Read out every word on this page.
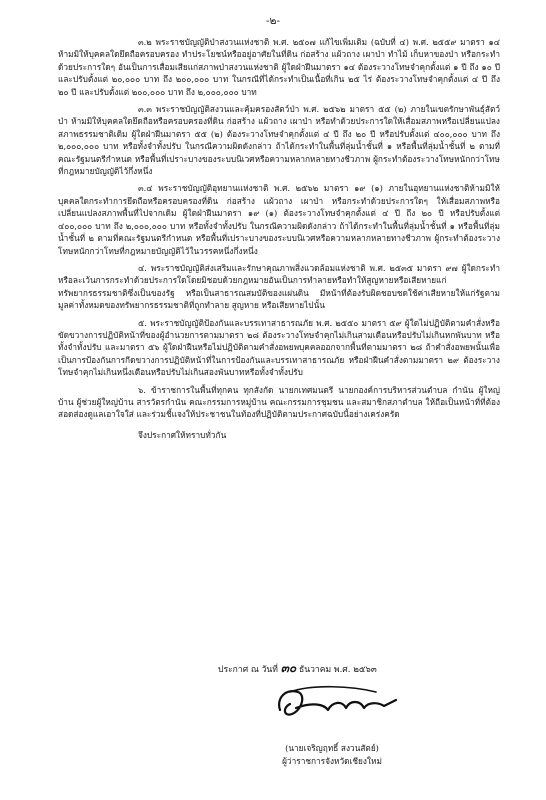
-๒-

๓.๒ พระราชบัญญัติป่าสงวนแห่งชาติ พ.ศ. ๒๕๐๗ แก้ไขเพิ่มเติม (ฉบับที่ ๔) พ.ศ. ๒๕๕๙ มาตรา ๑๔ ห้ามมิให้บุคคลใดยึดถือครอบครอง ทำประโยชน์หรืออยู่อาศัยในที่ดิน ก่อสร้าง แผ้วถาง เผาป่า ทำไม้ เก็บหาของป่า หรือกระทำด้วยประการใดๆ อันเป็นการเสื่อมเสียแก่สภาพป่าสงวนแห่งชาติ ผู้ใดฝ่าฝืนมาตรา ๑๔ ต้องระวางโทษจำคุกตั้งแต่ ๑ ปี ถึง ๑๐ ปี และปรับตั้งแต่ ๒๐,๐๐๐ บาท ถึง ๒๐๐,๐๐๐ บาท ในกรณีที่ได้กระทำเป็นเนื้อที่เกิน ๒๕ ไร่ ต้องระวางโทษจำคุกตั้งแต่ ๔ ปี ถึง ๒๐ ปี และปรับตั้งแต่ ๒๐๐,๐๐๐ บาท ถึง ๒,๐๐๐,๐๐๐ บาท

๓.๓ พระราชบัญญัติสงวนและคุ้มครองสัตว์ป่า พ.ศ. ๒๕๖๒ มาตรา ๕๕ (๒) ภายในเขตรักษาพันธุ์สัตว์ป่า ห้ามมิให้บุคคลใดยึดถือหรือครอบครองที่ดิน ก่อสร้าง แผ้วถาง เผาป่า หรือทำด้วยประการใดให้เสื่อมสภาพหรือเปลี่ยนแปลงสภาพธรรมชาติเดิม ผู้ใดฝ่าฝืนมาตรา ๕๕ (๒) ต้องระวางโทษจำคุกตั้งแต่ ๔ ปี ถึง ๒๐ ปี หรือปรับตั้งแต่ ๔๐๐,๐๐๐ บาท ถึง ๒,๐๐๐,๐๐๐ บาท หรือทั้งจำทั้งปรับ ในกรณีความผิดดังกล่าว ถ้าได้กระทำในพื้นที่ลุ่มน้ำชั้นที่ ๑ หรือพื้นที่ลุ่มน้ำชั้นที่ ๒ ตามที่คณะรัฐมนตรีกำหนด หรือพื้นที่เปราะบางของระบบนิเวศหรือความหลากหลายทางชีวภาพ ผู้กระทำต้องระวางโทษหนักกว่าโทษที่กฎหมายบัญญัติไว้กึ่งหนึ่ง

๓.๔ พระราชบัญญัติอุทยานแห่งชาติ พ.ศ. ๒๕๖๒ มาตรา ๑๙ (๑) ภายในอุทยานแห่งชาติห้ามมิให้บุคคลใดกระทำการยึดถือหรือครอบครองที่ดิน ก่อสร้าง แผ้วถาง เผาป่า หรือกระทำด้วยประการใดๆ ให้เสื่อมสภาพหรือเปลี่ยนแปลงสภาพพื้นที่ไปจากเดิม ผู้ใดฝ่าฝืนมาตรา ๑๙ (๑) ต้องระวางโทษจำคุกตั้งแต่ ๔ ปี ถึง ๒๐ ปี หรือปรับตั้งแต่ ๔๐๐,๐๐๐ บาท ถึง ๒,๐๐๐,๐๐๐ บาท หรือทั้งจำทั้งปรับ ในกรณีความผิดดังกล่าว ถ้าได้กระทำในพื้นที่ลุ่มน้ำชั้นที่ ๑ หรือพื้นที่ลุ่มน้ำชั้นที่ ๒ ตามที่คณะรัฐมนตรีกำหนด หรือพื้นที่เปราะบางของระบบนิเวศหรือความหลากหลายทางชีวภาพ ผู้กระทำต้องระวางโทษหนักกว่าโทษที่กฎหมายบัญญัติไว้ในวรรคหนึ่งกึ่งหนึ่ง

๔. พระราชบัญญัติส่งเสริมและรักษาคุณภาพสิ่งแวดล้อมแห่งชาติ พ.ศ. ๒๕๓๕ มาตรา ๙๗ ผู้ใดกระทำหรือละเว้นการกระทำด้วยประการใดโดยมิชอบด้วยกฎหมายอันเป็นการทำลายหรือทำให้สูญหายหรือเสียหายแก่ทรัพยากรธรรมชาติซึ่งเป็นของรัฐ หรือเป็นสาธารณสมบัติของแผ่นดิน มีหน้าที่ต้องรับผิดชอบชดใช้ค่าเสียหายให้แก่รัฐตามมูลค่าทั้งหมดของทรัพยากรธรรมชาติที่ถูกทำลาย สูญหาย หรือเสียหายไปนั้น

๕. พระราชบัญญัติป้องกันและบรรเทาสาธารณภัย พ.ศ. ๒๕๕๐ มาตรา ๕๙ ผู้ใดไม่ปฏิบัติตามคำสั่งหรือขัดขวางการปฏิบัติหน้าที่ของผู้อำนวยการตามมาตรา ๒๘ ต้องระวางโทษจำคุกไม่เกินสามเดือนหรือปรับไม่เกินหกพันบาท หรือทั้งจำทั้งปรับ และมาตรา ๕๖ ผู้ใดฝ่าฝืนหรือไม่ปฏิบัติตามคำสั่งอพยพบุคคลออกจากพื้นที่ตามมาตรา ๒๘ ถ้าคำสั่งอพยพนั้นเพื่อเป็นการป้องกันการกีดขวางการปฏิบัติหน้าที่ในการป้องกันและบรรเทาสาธารณภัย หรือฝ่าฝืนคำสั่งตามมาตรา ๒๙ ต้องระวางโทษจำคุกไม่เกินหนึ่งเดือนหรือปรับไม่เกินสองพันบาทหรือทั้งจำทั้งปรับ

๖. ข้าราชการในพื้นที่ทุกคน ทุกสังกัด นายกเทศมนตรี นายกองค์การบริหารส่วนตำบล กำนัน ผู้ใหญ่บ้าน ผู้ช่วยผู้ใหญ่บ้าน สารวัตรกำนัน คณะกรรมการหมู่บ้าน คณะกรรมการชุมชน และสมาชิกสภาตำบล ให้ถือเป็นหน้าที่ที่ต้องสอดส่องดูแลเอาใจใส่ และร่วมชี้แจงให้ประชาชนในท้องที่ปฏิบัติตามประกาศฉบับนี้อย่างเคร่งครัด

จึงประกาศให้ทราบทั่วกัน

ประกาศ ณ วันที่ ๓๐ ธันวาคม พ.ศ. ๒๕๖๓
(นายเจริญฤทธิ์ สงวนสัตย์)
ผู้ว่าราชการจังหวัดเชียงใหม่
